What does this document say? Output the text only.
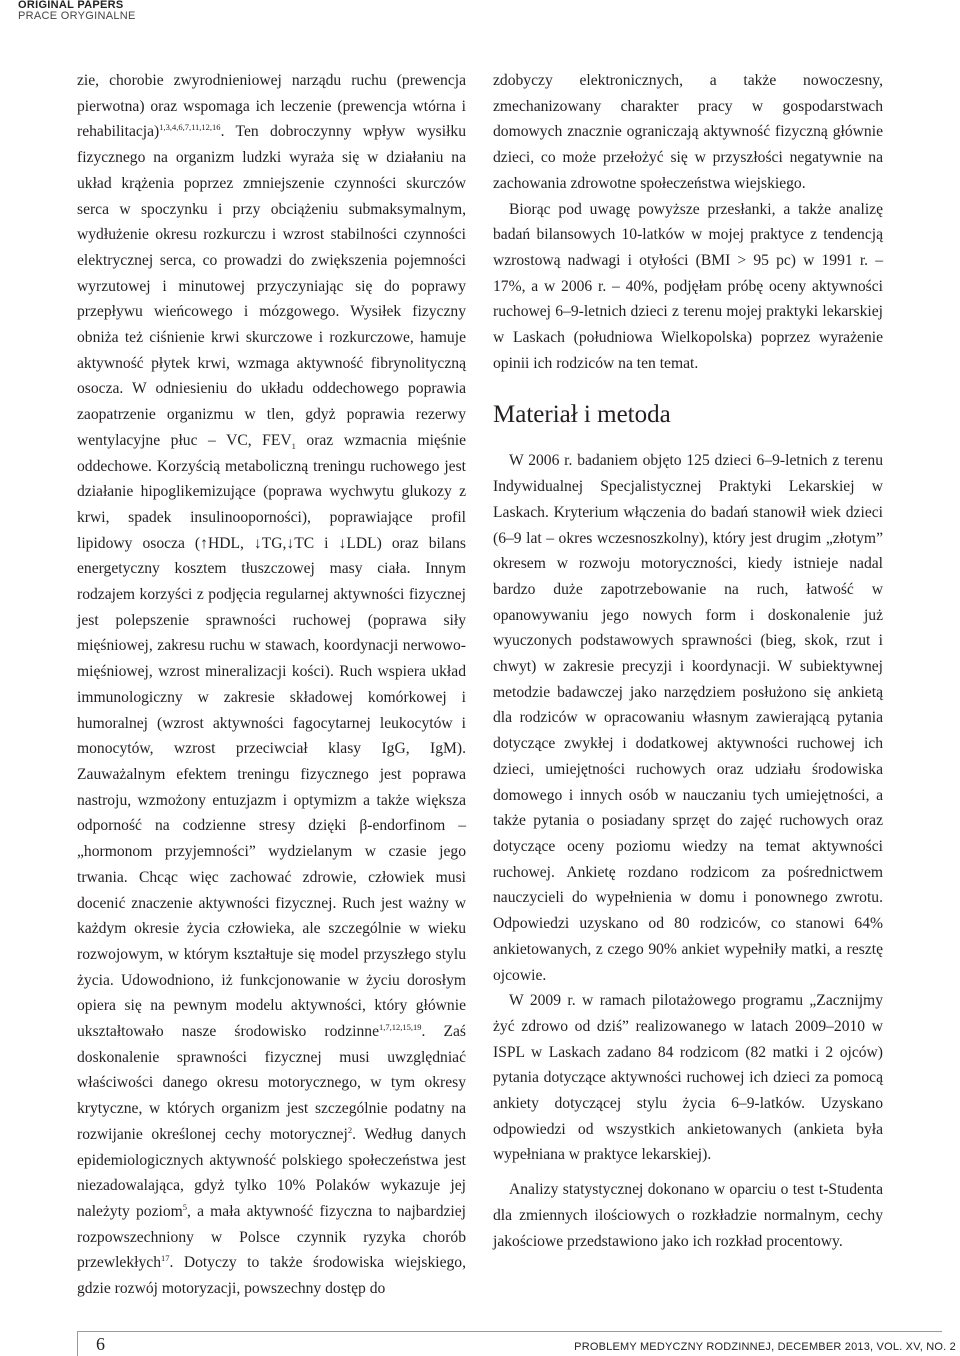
ORIGINAL PAPERS
PRACE ORYGINALNE

zie, chorobie zwyrodnieniowej narządu ruchu (prewencja pierwotna) oraz wspomaga ich leczenie (prewencja wtórna i rehabilitacja)$^{1,3,4,6,7,11,12,16}$. Ten dobroczynny wpływ wysiłku fizycznego na organizm ludzki wyraża się w działaniu na układ krążenia poprzez zmniejszenie czynności skurczów serca w spoczynku i przy obciążeniu submaksymalnym, wydłużenie okresu rozkurczu i wzrost stabilności czynności elektrycznej serca, co prowadzi do zwiększenia pojemności wyrzutowej i minutowej przyczyniając się do poprawy przepływu wieńcowego i mózgowego. Wysiłek fizyczny obniża też ciśnienie krwi skurczowe i rozkurczowe, hamuje aktywność płytek krwi, wzmaga aktywność fibrynolityczną osocza. W odniesieniu do układu oddechowego poprawia zaopatrzenie organizmu w tlen, gdyż poprawia rezerwy wentylacyjne płuc – VC, $FEV_1$ oraz wzmacnia mięśnie oddechowe. Korzyścią metaboliczną treningu ruchowego jest działanie hipoglikemizujące (poprawa wychwytu glukozy z krwi, spadek insulinooporności), poprawiające profil lipidowy osocza (↑HDL, ↓TG,↓TC i ↓LDL) oraz bilans energetyczny kosztem tłuszczowej masy ciała. Innym rodzajem korzyści z podjęcia regularnej aktywności fizycznej jest polepszenie sprawności ruchowej (poprawa siły mięśniowej, zakresu ruchu w stawach, koordynacji nerwowo-mięśniowej, wzrost mineralizacji kości). Ruch wspiera układ immunologiczny w zakresie składowej komórkowej i humoralnej (wzrost aktywności fagocytarnej leukocytów i monocytów, wzrost przeciwciał klasy IgG, IgM). Zauważalnym efektem treningu fizycznego jest poprawa nastroju, wzmożony entuzjazm i optymizm a także większa odporność na codzienne stresy dzięki β-endorfinom – „hormonom przyjemności” wydzielanym w czasie jego trwania. Chcąc więc zachować zdrowie, człowiek musi docenić znaczenie aktywności fizycznej. Ruch jest ważny w każdym okresie życia człowieka, ale szczególnie w wieku rozwojowym, w którym kształtuje się model przyszłego stylu życia. Udowodniono, iż funkcjonowanie w życiu dorosłym opiera się na pewnym modelu aktywności, który głównie ukształtowało nasze środowisko rodzinne$^{1,7,12,15,19}$. Zaś doskonalenie sprawności fizycznej musi uwzględniać właściwości danego okresu motorycznego, w tym okresy krytyczne, w których organizm jest szczególnie podatny na rozwijanie określonej cechy motorycznej$^2$. Według danych epidemiologicznych aktywność polskiego społeczeństwa jest niezadowalająca, gdyż tylko 10% Polaków wykazuje jej należyty poziom$^5$, a mała aktywność fizyczna to najbardziej rozpowszechniony w Polsce czynnik ryzyka chorób przewlekłych$^{17}$. Dotyczy to także środowiska wiejskiego, gdzie rozwój motoryzacji, powszechny dostęp do

zdobyczy elektronicznych, a także nowoczesny, zmechanizowany charakter pracy w gospodarstwach domowych znacznie ograniczają aktywność fizyczną głównie dzieci, co może przełożyć się w przyszłości negatywnie na zachowania zdrowotne społeczeństwa wiejskiego.

Biorąc pod uwagę powyższe przesłanki, a także analizę badań bilansowych 10-latków w mojej praktyce z tendencją wzrostową nadwagi i otyłości (BMI > 95 pc) w 1991 r. – 17%, a w 2006 r. – 40%, podjęłam próbę oceny aktywności ruchowej 6–9-letnich dzieci z terenu mojej praktyki lekarskiej w Laskach (południowa Wielkopolska) poprzez wyrażenie opinii ich rodziców na ten temat.

Materiał i metoda

W 2006 r. badaniem objęto 125 dzieci 6–9-letnich z terenu Indywidualnej Specjalistycznej Praktyki Lekarskiej w Laskach. Kryterium włączenia do badań stanowił wiek dzieci (6–9 lat – okres wczesnoszkolny), który jest drugim „złotym” okresem w rozwoju motoryczności, kiedy istnieje nadal bardzo duże zapotrzebowanie na ruch, łatwość w opanowywaniu jego nowych form i doskonalenie już wyuczonych podstawowych sprawności (bieg, skok, rzut i chwyt) w zakresie precyzji i koordynacji. W subiektywnej metodzie badawczej jako narzędziem posłużono się ankietą dla rodziców w opracowaniu własnym zawierającą pytania dotyczące zwykłej i dodatkowej aktywności ruchowej ich dzieci, umiejętności ruchowych oraz udziału środowiska domowego i innych osób w nauczaniu tych umiejętności, a także pytania o posiadany sprzęt do zajęć ruchowych oraz dotyczące oceny poziomu wiedzy na temat aktywności ruchowej. Ankietę rozdano rodzicom za pośrednictwem nauczycieli do wypełnienia w domu i ponownego zwrotu. Odpowiedzi uzyskano od 80 rodziców, co stanowi 64% ankietowanych, z czego 90% ankiet wypełniły matki, a resztę ojcowie.

W 2009 r. w ramach pilotażowego programu „Zacznijmy żyć zdrowo od dziś” realizowanego w latach 2009–2010 w ISPL w Laskach zadano 84 rodzicom (82 matki i 2 ojców) pytania dotyczące aktywności ruchowej ich dzieci za pomocą ankiety dotyczącej stylu życia 6–9-latków. Uzyskano odpowiedzi od wszystkich ankietowanych (ankieta była wypełniana w praktyce lekarskiej).

Analizy statystycznej dokonano w oparciu o test t-Studenta dla zmiennych ilościowych o rozkładzie normalnym, cechy jakościowe przedstawiono jako ich rozkład procentowy.

6	PROBLEMY MEDYCZNY RODZINNEJ, DECEMBER 2013, VOL. XV, NO. 2
